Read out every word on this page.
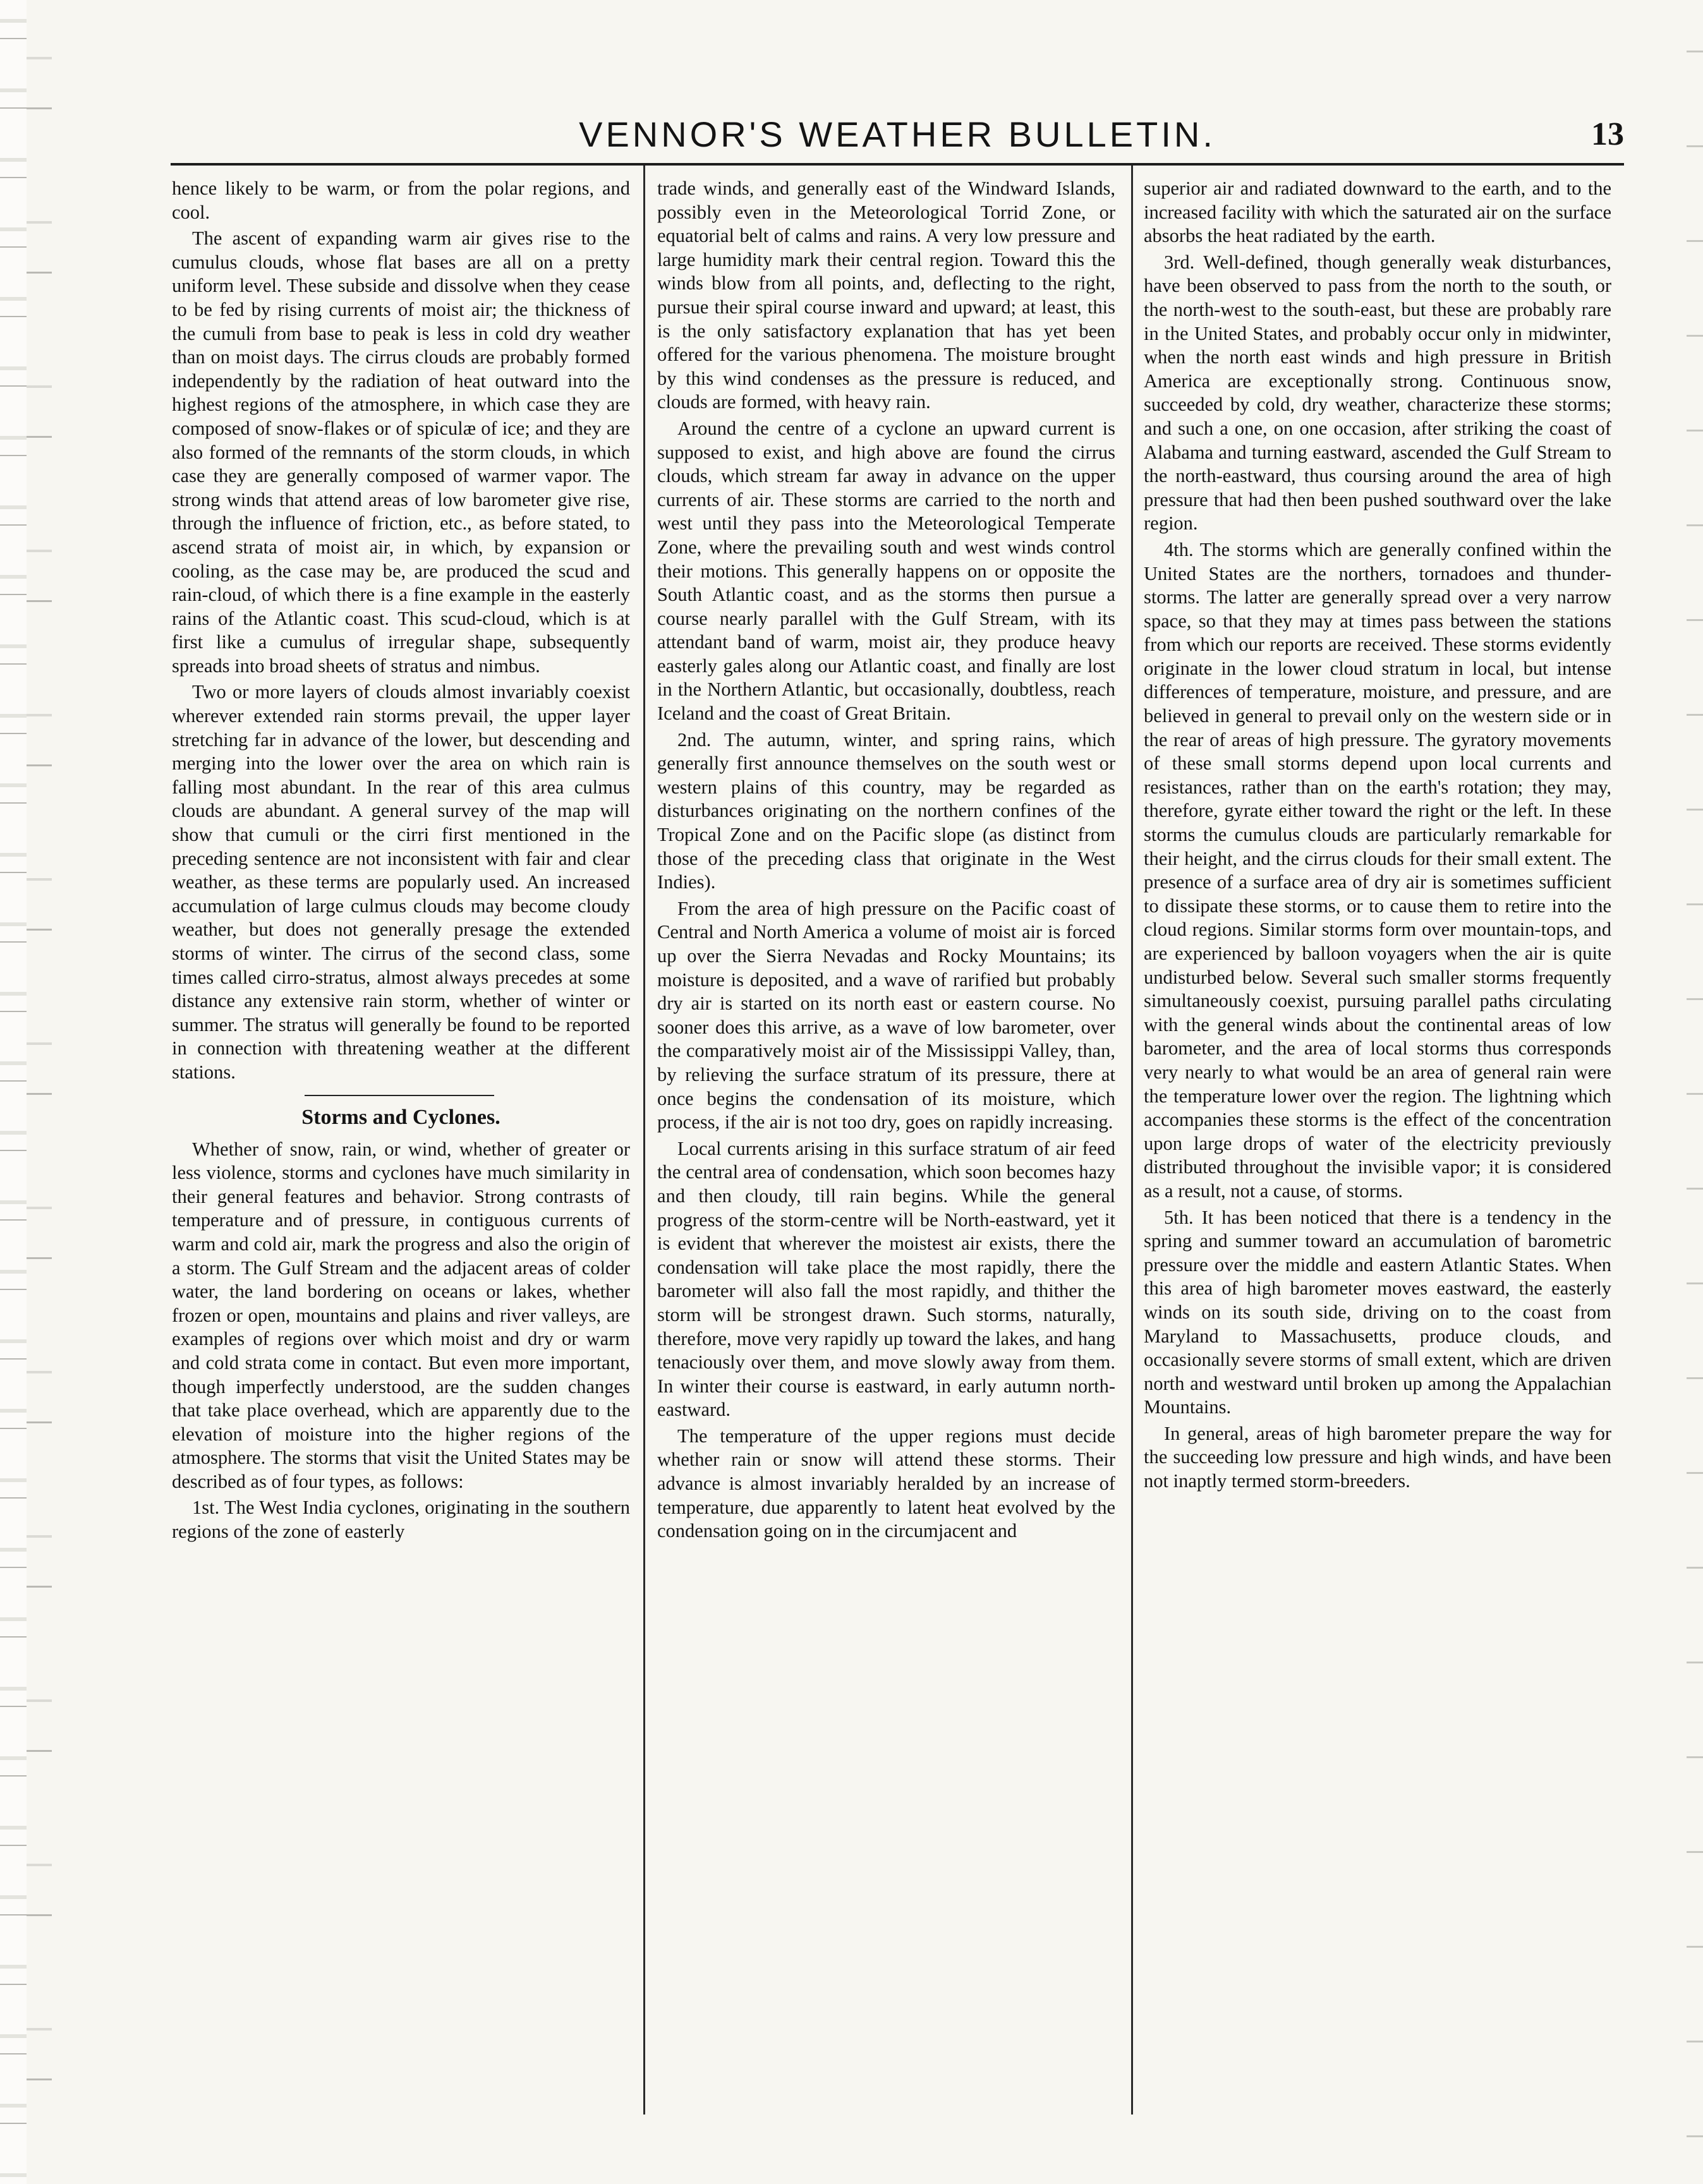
VENNOR'S WEATHER BULLETIN.	13

hence likely to be warm, or from the polar regions, and cool.

The ascent of expanding warm air gives rise to the cumulus clouds, whose flat bases are all on a pretty uniform level. These subside and dissolve when they cease to be fed by rising currents of moist air; the thickness of the cumuli from base to peak is less in cold dry weather than on moist days. The cirrus clouds are probably formed independently by the radiation of heat outward into the highest regions of the atmosphere, in which case they are composed of snow-flakes or of spiculæ of ice; and they are also formed of the remnants of the storm clouds, in which case they are generally composed of warmer vapor. The strong winds that attend areas of low barometer give rise, through the influence of friction, etc., as before stated, to ascend strata of moist air, in which, by expansion or cooling, as the case may be, are produced the scud and rain-cloud, of which there is a fine example in the easterly rains of the Atlantic coast. This scud-cloud, which is at first like a cumulus of irregular shape, subsequently spreads into broad sheets of stratus and nimbus.

Two or more layers of clouds almost invariably coexist wherever extended rain storms prevail, the upper layer stretching far in advance of the lower, but descending and merging into the lower over the area on which rain is falling most abundant. In the rear of this area culmus clouds are abundant. A general survey of the map will show that cumuli or the cirri first mentioned in the preceding sentence are not inconsistent with fair and clear weather, as these terms are popularly used. An increased accumulation of large culmus clouds may become cloudy weather, but does not generally presage the extended storms of winter. The cirrus of the second class, some times called cirro-stratus, almost always precedes at some distance any extensive rain storm, whether of winter or summer. The stratus will generally be found to be reported in connection with threatening weather at the different stations.

Storms and Cyclones.

Whether of snow, rain, or wind, whether of greater or less violence, storms and cyclones have much similarity in their general features and behavior. Strong contrasts of temperature and of pressure, in contiguous currents of warm and cold air, mark the progress and also the origin of a storm. The Gulf Stream and the adjacent areas of colder water, the land bordering on oceans or lakes, whether frozen or open, mountains and plains and river valleys, are examples of regions over which moist and dry or warm and cold strata come in contact. But even more important, though imperfectly understood, are the sudden changes that take place overhead, which are apparently due to the elevation of moisture into the higher regions of the atmosphere. The storms that visit the United States may be described as of four types, as follows:

1st. The West India cyclones, originating in the southern regions of the zone of easterly

trade winds, and generally east of the Windward Islands, possibly even in the Meteorological Torrid Zone, or equatorial belt of calms and rains. A very low pressure and large humidity mark their central region. Toward this the winds blow from all points, and, deflecting to the right, pursue their spiral course inward and upward; at least, this is the only satisfactory explanation that has yet been offered for the various phenomena. The moisture brought by this wind condenses as the pressure is reduced, and clouds are formed, with heavy rain.

Around the centre of a cyclone an upward current is supposed to exist, and high above are found the cirrus clouds, which stream far away in advance on the upper currents of air. These storms are carried to the north and west until they pass into the Meteorological Temperate Zone, where the prevailing south and west winds control their motions. This generally happens on or opposite the South Atlantic coast, and as the storms then pursue a course nearly parallel with the Gulf Stream, with its attendant band of warm, moist air, they produce heavy easterly gales along our Atlantic coast, and finally are lost in the Northern Atlantic, but occasionally, doubtless, reach Iceland and the coast of Great Britain.

2nd. The autumn, winter, and spring rains, which generally first announce themselves on the south west or western plains of this country, may be regarded as disturbances originating on the northern confines of the Tropical Zone and on the Pacific slope (as distinct from those of the preceding class that originate in the West Indies).

From the area of high pressure on the Pacific coast of Central and North America a volume of moist air is forced up over the Sierra Nevadas and Rocky Mountains; its moisture is deposited, and a wave of rarified but probably dry air is started on its north east or eastern course. No sooner does this arrive, as a wave of low barometer, over the comparatively moist air of the Mississippi Valley, than, by relieving the surface stratum of its pressure, there at once begins the condensation of its moisture, which process, if the air is not too dry, goes on rapidly increasing.

Local currents arising in this surface stratum of air feed the central area of condensation, which soon becomes hazy and then cloudy, till rain begins. While the general progress of the storm-centre will be North-eastward, yet it is evident that wherever the moistest air exists, there the condensation will take place the most rapidly, there the barometer will also fall the most rapidly, and thither the storm will be strongest drawn. Such storms, naturally, therefore, move very rapidly up toward the lakes, and hang tenaciously over them, and move slowly away from them. In winter their course is eastward, in early autumn north-eastward.

The temperature of the upper regions must decide whether rain or snow will attend these storms. Their advance is almost invariably heralded by an increase of temperature, due apparently to latent heat evolved by the condensation going on in the circumjacent and

superior air and radiated downward to the earth, and to the increased facility with which the saturated air on the surface absorbs the heat radiated by the earth.

3rd. Well-defined, though generally weak disturbances, have been observed to pass from the north to the south, or the north-west to the south-east, but these are probably rare in the United States, and probably occur only in midwinter, when the north east winds and high pressure in British America are exceptionally strong. Continuous snow, succeeded by cold, dry weather, characterize these storms; and such a one, on one occasion, after striking the coast of Alabama and turning eastward, ascended the Gulf Stream to the north-eastward, thus coursing around the area of high pressure that had then been pushed southward over the lake region.

4th. The storms which are generally confined within the United States are the northers, tornadoes and thunder-storms. The latter are generally spread over a very narrow space, so that they may at times pass between the stations from which our reports are received. These storms evidently originate in the lower cloud stratum in local, but intense differences of temperature, moisture, and pressure, and are believed in general to prevail only on the western side or in the rear of areas of high pressure. The gyratory movements of these small storms depend upon local currents and resistances, rather than on the earth's rotation; they may, therefore, gyrate either toward the right or the left. In these storms the cumulus clouds are particularly remarkable for their height, and the cirrus clouds for their small extent. The presence of a surface area of dry air is sometimes sufficient to dissipate these storms, or to cause them to retire into the cloud regions. Similar storms form over mountain-tops, and are experienced by balloon voyagers when the air is quite undisturbed below. Several such smaller storms frequently simultaneously coexist, pursuing parallel paths circulating with the general winds about the continental areas of low barometer, and the area of local storms thus corresponds very nearly to what would be an area of general rain were the temperature lower over the region. The lightning which accompanies these storms is the effect of the concentration upon large drops of water of the electricity previously distributed throughout the invisible vapor; it is considered as a result, not a cause, of storms.

5th. It has been noticed that there is a tendency in the spring and summer toward an accumulation of barometric pressure over the middle and eastern Atlantic States. When this area of high barometer moves eastward, the easterly winds on its south side, driving on to the coast from Maryland to Massachusetts, produce clouds, and occasionally severe storms of small extent, which are driven north and westward until broken up among the Appalachian Mountains.

In general, areas of high barometer prepare the way for the succeeding low pressure and high winds, and have been not inaptly termed storm-breeders.
